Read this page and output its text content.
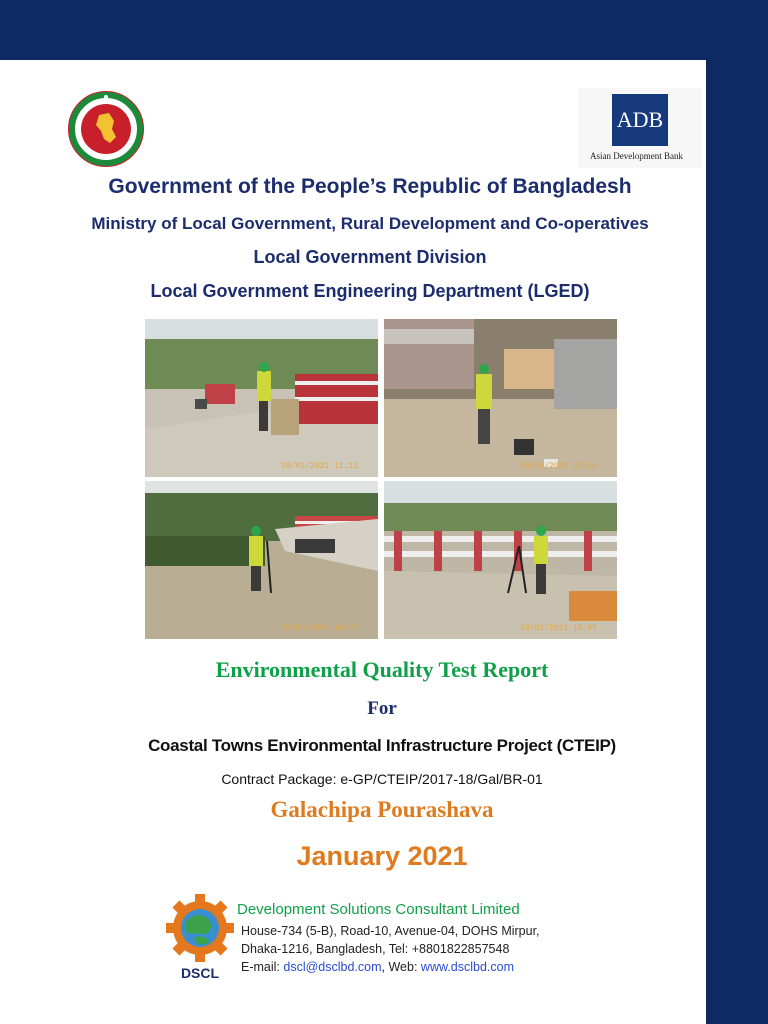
ADB
Asian Development Bank
Government of the People’s Republic of Bangladesh
Ministry of Local Government, Rural Development and Co-operatives
Local Government Division
Local Government Engineering Department (LGED)
29/01/2021 11:11	29/01/2021 13:19
29/01/2021 14:47	29/01/2021 15:05
Environmental Quality Test Report
For
Coastal Towns Environmental Infrastructure Project (CTEIP)
Contract Package: e-GP/CTEIP/2017-18/Gal/BR-01
Galachipa Pourashava
January 2021
DSCL
Development Solutions Consultant Limited
House-734 (5-B), Road-10, Avenue-04, DOHS Mirpur,
Dhaka-1216, Bangladesh, Tel: +8801822857548
E-mail: dscl@dsclbd.com, Web: www.dsclbd.com
